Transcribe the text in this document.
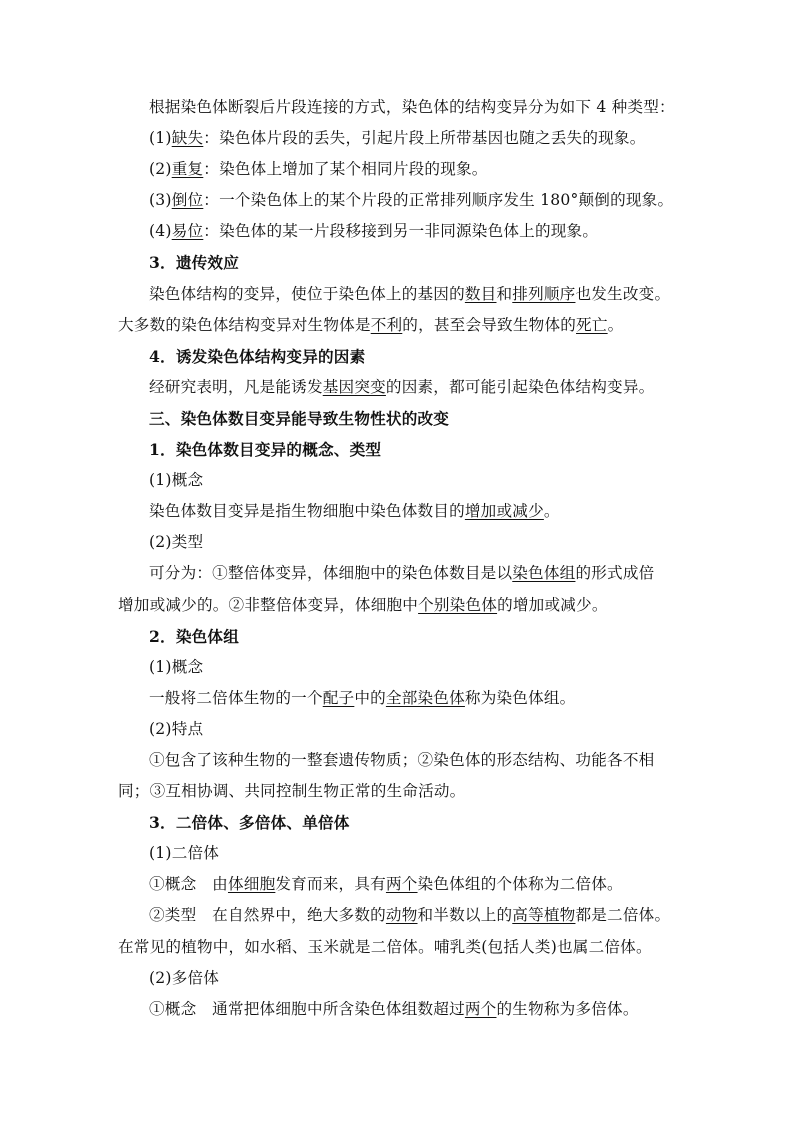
根据染色体断裂后片段连接的方式，染色体的结构变异分为如下 4 种类型：
(1)缺失：染色体片段的丢失，引起片段上所带基因也随之丢失的现象。
(2)重复：染色体上增加了某个相同片段的现象。
(3)倒位：一个染色体上的某个片段的正常排列顺序发生 180°颠倒的现象。
(4)易位：染色体的某一片段移接到另一非同源染色体上的现象。
3．遗传效应
染色体结构的变异，使位于染色体上的基因的数目和排列顺序也发生改变。
大多数的染色体结构变异对生物体是不利的，甚至会导致生物体的死亡。
4．诱发染色体结构变异的因素
经研究表明，凡是能诱发基因突变的因素，都可能引起染色体结构变异。
三、染色体数目变异能导致生物性状的改变
1．染色体数目变异的概念、类型
(1)概念
染色体数目变异是指生物细胞中染色体数目的增加或减少。
(2)类型
可分为：①整倍体变异，体细胞中的染色体数目是以染色体组的形式成倍
增加或减少的。②非整倍体变异，体细胞中个别染色体的增加或减少。
2．染色体组
(1)概念
一般将二倍体生物的一个配子中的全部染色体称为染色体组。
(2)特点
①包含了该种生物的一整套遗传物质；②染色体的形态结构、功能各不相
同；③互相协调、共同控制生物正常的生命活动。
3．二倍体、多倍体、单倍体
(1)二倍体
①概念　由体细胞发育而来，具有两个染色体组的个体称为二倍体。
②类型　在自然界中，绝大多数的动物和半数以上的高等植物都是二倍体。
在常见的植物中，如水稻、玉米就是二倍体。哺乳类(包括人类)也属二倍体。
(2)多倍体
①概念　通常把体细胞中所含染色体组数超过两个的生物称为多倍体。
